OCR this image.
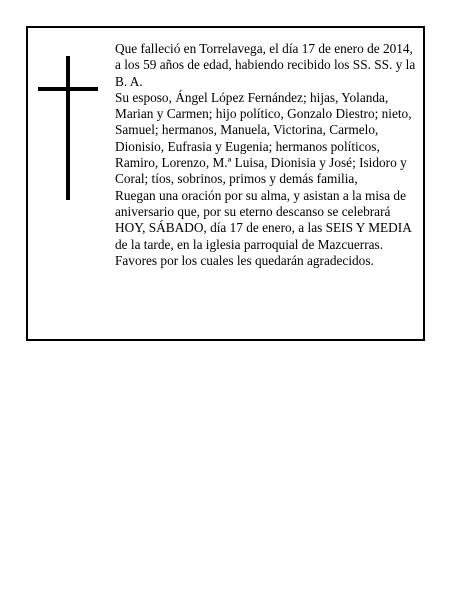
Que falleció en Torrelavega, el día 17 de enero de 2014, a los 59 años de edad, habiendo recibido los SS. SS. y la B. A.

Su esposo, Ángel López Fernández; hijas, Yolanda, Marian y Carmen; hijo político, Gonzalo Diestro; nieto, Samuel; hermanos, Manuela, Victorina, Carmelo, Dionisio, Eufrasia y Eugenia; hermanos políticos, Ramiro, Lorenzo, M.ª Luisa, Dionisia y José; Isidoro y Coral; tíos, sobrinos, primos y demás familia,

Ruegan una oración por su alma, y asistan a la misa de aniversario que, por su eterno descanso se celebrará HOY, SÁBADO, día 17 de enero, a las SEIS Y MEDIA de la tarde, en la iglesia parroquial de Mazcuerras. Favores por los cuales les quedarán agradecidos.
